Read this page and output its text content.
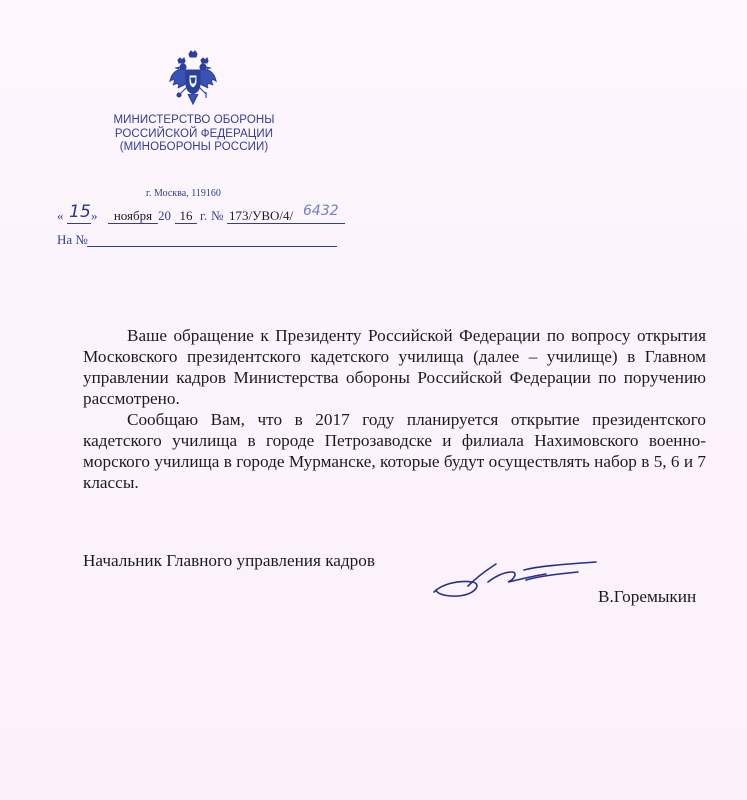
МИНИСТЕРСТВО ОБОРОНЫ
РОССИЙСКОЙ ФЕДЕРАЦИИ
(МИНОБОРОНЫ РОССИИ)
г. Москва, 119160
« 15 »	ноября 20 16 г. № 173/УВО/4/ 6432
На №

Ваше обращение к Президенту Российской Федерации по вопросу открытия Московского президентского кадетского училища (далее – училище) в Главном управлении кадров Министерства обороны Российской Федерации по поручению рассмотрено.

Сообщаю Вам, что в 2017 году планируется открытие президентского кадетского училища в городе Петрозаводске и филиала Нахимовского военно-морского училища в городе Мурманске, которые будут осуществлять набор в 5, 6 и 7 классы.

Начальник Главного управления кадров
В.Горемыкин
